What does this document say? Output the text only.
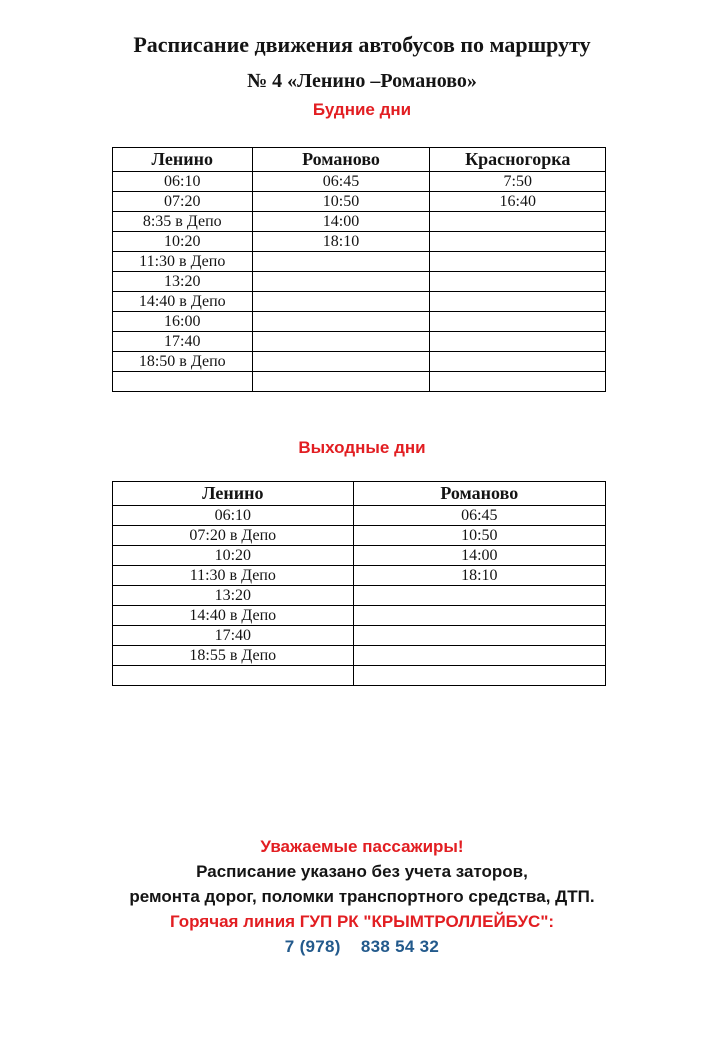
Расписание движения автобусов по маршруту
№ 4 «Ленино –Романово»
Будние дни
Ленино	Романово	Красногорка
06:10	06:45	7:50
07:20	10:50	16:40
8:35 в Депо	14:00	
10:20	18:10	
11:30 в Депо		
13:20		
14:40 в Депо		
16:00		
17:40		
18:50 в Депо		

Выходные дни
Ленино	Романово
06:10	06:45
07:20 в Депо	10:50
10:20	14:00
11:30 в Депо	18:10
13:20	
14:40 в Депо	
17:40	
18:55 в Депо	

Уважаемые пассажиры!
Расписание указано без учета заторов,
ремонта дорог, поломки транспортного средства, ДТП.
Горячая линия ГУП РК "КРЫМТРОЛЛЕЙБУС":
7 (978)    838 54 32
